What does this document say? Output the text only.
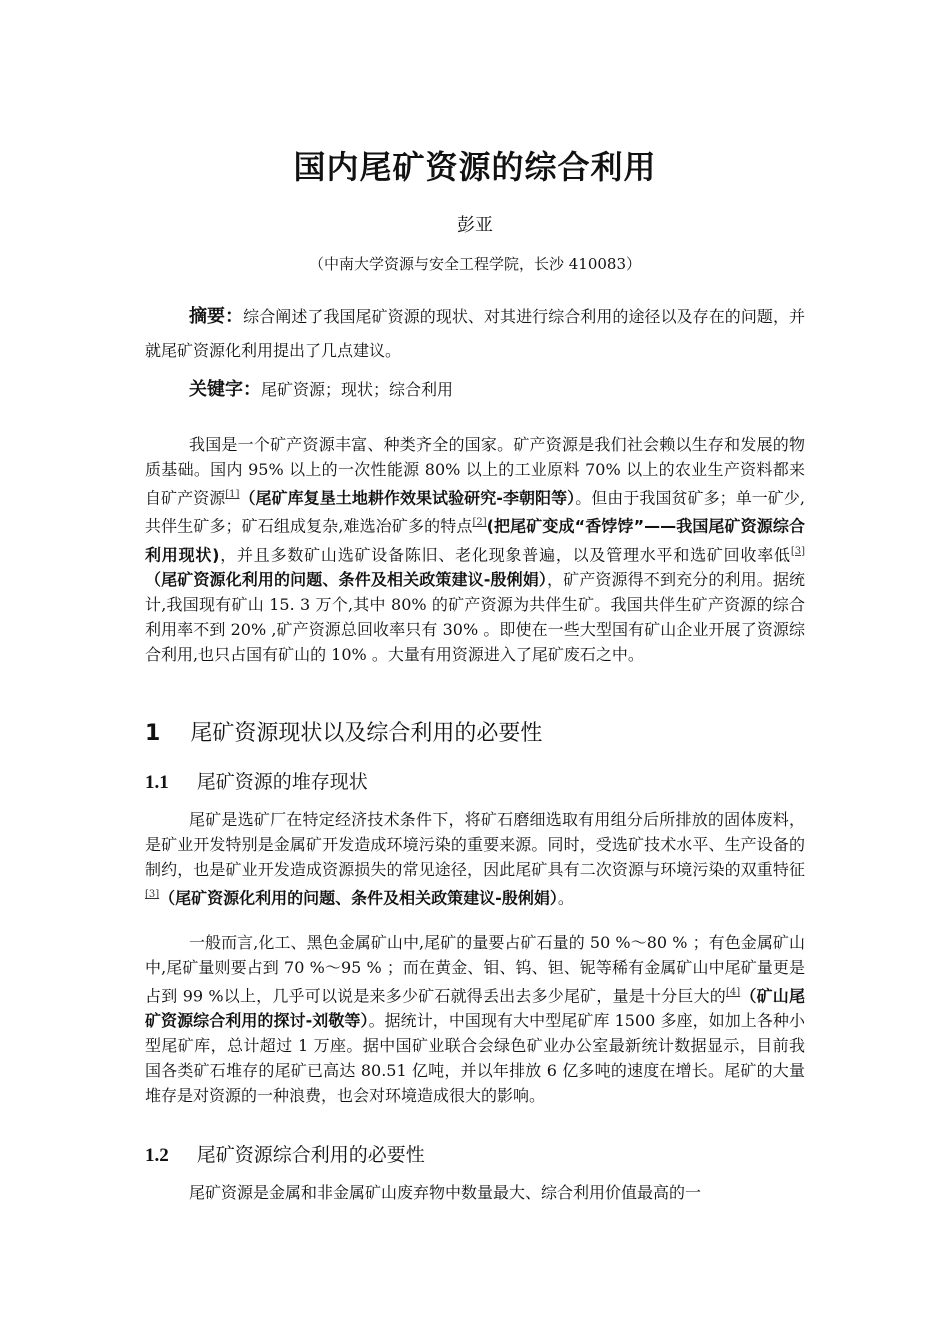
国内尾矿资源的综合利用
彭亚
（中南大学资源与安全工程学院，长沙 410083）
摘要：综合阐述了我国尾矿资源的现状、对其进行综合利用的途径以及存在的问题，并就尾矿资源化利用提出了几点建议。
关键字：尾矿资源；现状；综合利用
我国是一个矿产资源丰富、种类齐全的国家。矿产资源是我们社会赖以生存和发展的物质基础。国内 95% 以上的一次性能源 80% 以上的工业原料 70% 以上的农业生产资料都来自矿产资源[1]（尾矿库复垦土地耕作效果试验研究-李朝阳等）。但由于我国贫矿多；单一矿少,共伴生矿多；矿石组成复杂,难选冶矿多的特点[2](把尾矿变成“香饽饽”——我国尾矿资源综合利用现状)，并且多数矿山选矿设备陈旧、老化现象普遍，以及管理水平和选矿回收率低[3]（尾矿资源化利用的问题、条件及相关政策建议-殷俐娟），矿产资源得不到充分的利用。据统计,我国现有矿山 15. 3 万个,其中 80% 的矿产资源为共伴生矿。我国共伴生矿产资源的综合利用率不到 20% ,矿产资源总回收率只有 30% 。即使在一些大型国有矿山企业开展了资源综合利用,也只占国有矿山的 10% 。大量有用资源进入了尾矿废石之中。
1 尾矿资源现状以及综合利用的必要性
1.1 尾矿资源的堆存现状
尾矿是选矿厂在特定经济技术条件下，将矿石磨细选取有用组分后所排放的固体废料，是矿业开发特别是金属矿开发造成环境污染的重要来源。同时，受选矿技术水平、生产设备的制约，也是矿业开发造成资源损失的常见途径，因此尾矿具有二次资源与环境污染的双重特征[3]（尾矿资源化利用的问题、条件及相关政策建议-殷俐娟）。
一般而言,化工、黑色金属矿山中,尾矿的量要占矿石量的 50 %～80 % ；有色金属矿山中,尾矿量则要占到 70 %～95 % ；而在黄金、钼、钨、钽、铌等稀有金属矿山中尾矿量更是占到 99 %以上，几乎可以说是来多少矿石就得丢出去多少尾矿，量是十分巨大的[4]（矿山尾矿资源综合利用的探讨-刘敬等）。据统计，中国现有大中型尾矿库 1500 多座，如加上各种小型尾矿库，总计超过 1 万座。据中国矿业联合会绿色矿业办公室最新统计数据显示，目前我国各类矿石堆存的尾矿已高达 80.51 亿吨，并以年排放 6 亿多吨的速度在增长。尾矿的大量堆存是对资源的一种浪费，也会对环境造成很大的影响。
1.2 尾矿资源综合利用的必要性
尾矿资源是金属和非金属矿山废弃物中数量最大、综合利用价值最高的一
